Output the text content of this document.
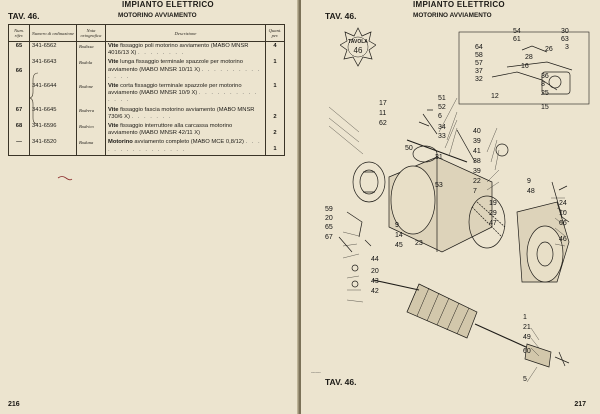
IMPIANTO ELETTRICO
TAV. 46.	MOTORINO AVVIAMENTO
Num. rifer.	Numero di ordinazione	Nota ortografica	Descrizione	Quant. per.
65	341-6562	Bodissa	Vite fissaggio poli motorino avviamento (MABO MNSR 4016/13 X) . . . . . . . .	4
66	341-6643	Bodola	Vite lunga fissaggio terminale spazzole per motorino avviamento (MABO MNSR 10/11 X) . . . . . . . . . . . . . .	1
	341-6644	Bodone	Vite corta fissaggio terminale spazzole per motorino avviamento (MABO MNSR 10/9 X) . . . . . . . . . . . . . .	1
67	341-6645	Bodrera	Vite fissaggio fascia motorino avviamento (MABO MNSR 730/6 X) . . . . . . .	2
68	341-6596	Bodrico	Vite fissaggio interruttore alla carcassa motorino avviamento (MABO MNSR 42/11 X)	2
—	341-6520	Boduna	Motorino avviamento completo (MABO MCE 0,8/12) . . . . . . . . . . . . . . . .	1
216
IMPIANTO ELETTRICO
TAV. 46.	MOTORINO AVVIAMENTO
TAVOLA
46
54	30
61	63
64	3
58
26
57
28
16
37
32	36
8
12	25
15
17
11
62
51
52
6
34
33
50
40
39
41
38
39
22
7
31
53
19
29
47
9
48
24
10
66
46
23
59
20
65
67
9
14
45
44
20
43
42
1
21
49
60
5
~~~~
TAV. 46.
217
